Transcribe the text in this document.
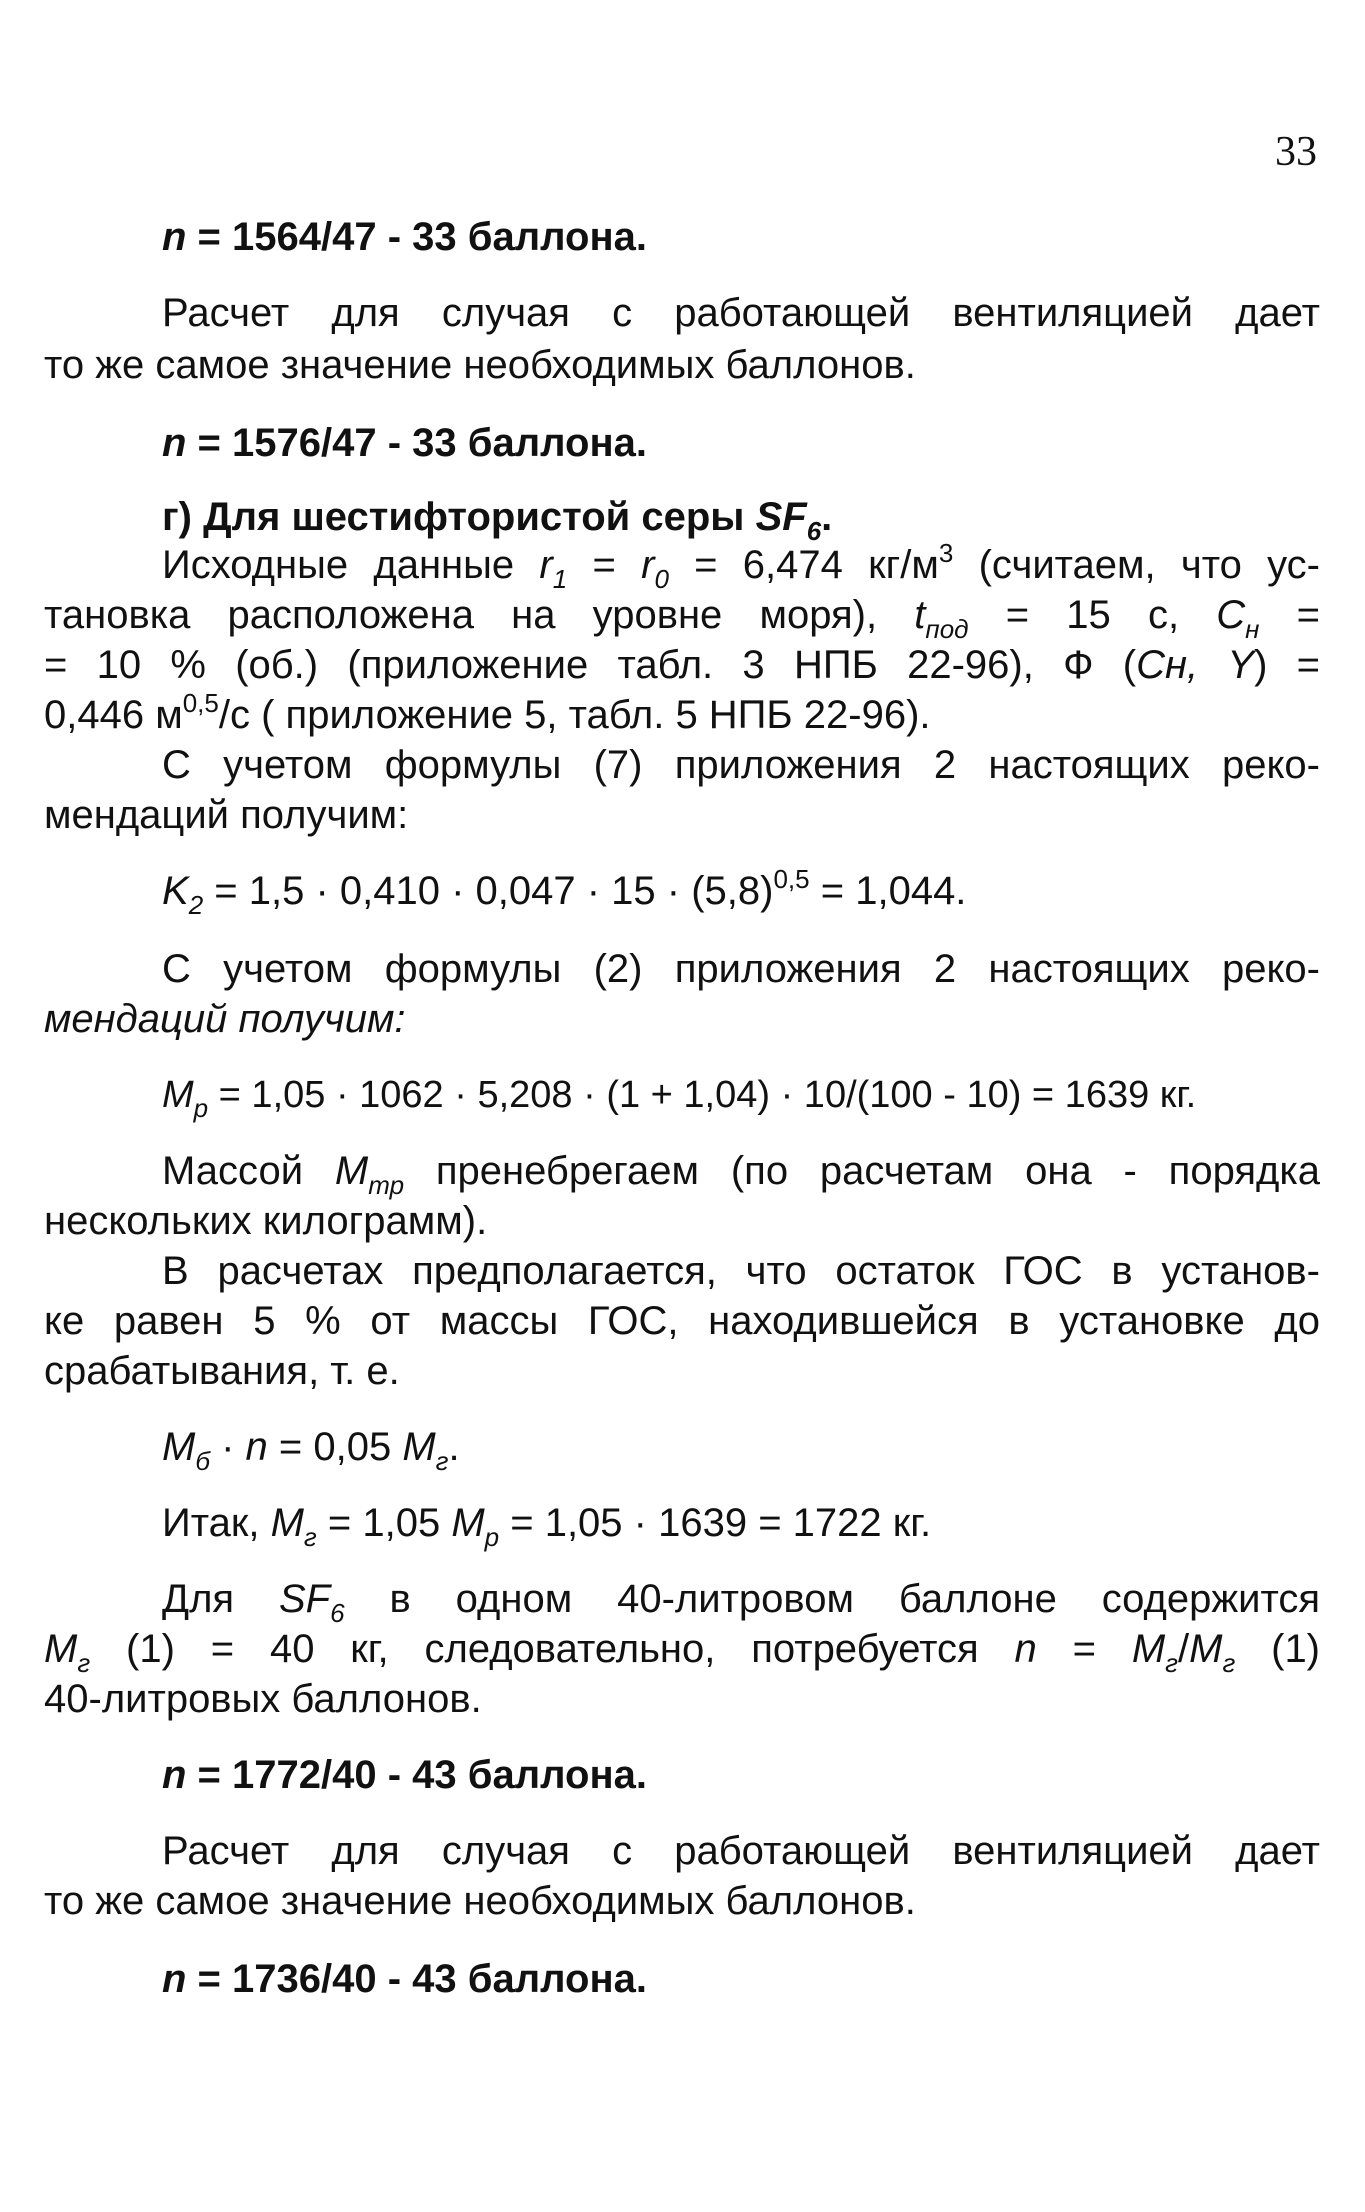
33
n = 1564/47 - 33 баллона.
Расчет для случая с работающей вентиляцией дает
то же самое значение необходимых баллонов.
n = 1576/47 - 33 баллона.
г) Для шестифтористой серы $SF_6$.
Исходные данные $r_1 = r_0 = 6,474$ $кг/м^3$ (считаем, что ус-
тановка расположена на уровне моря), $t_{под} = 15$ с, $C_н$ =
= 10 % (об.) (приложение табл. 3 НПБ 22-96), Ф (Cн, Y) =
0,446 $м^{0,5}/с$ ( приложение 5, табл. 5 НПБ 22-96).
С учетом формулы (7) приложения 2 настоящих реко-
мендаций получим:
$K_2 = 1,5 \cdot 0,410 \cdot 0,047 \cdot 15 \cdot (5,8)^{0,5} = 1,044$.
С учетом формулы (2) приложения 2 настоящих реко-
мендаций получим:
$M_p = 1,05 \cdot 1062 \cdot 5,208 \cdot (1 + 1,04) \cdot 10/(100 - 10) = 1639$ кг.
Массой $M_{тр}$ пренебрегаем (по расчетам она - порядка
нескольких килограмм).
В расчетах предполагается, что остаток ГОС в установ-
ке равен 5 % от массы ГОС, находившейся в установке до
срабатывания, т. е.
$M_б \cdot n = 0,05$ $M_г$.
Итак, $M_г = 1,05$ $M_p = 1,05 \cdot 1639 = 1722$ кг.
Для $SF_6$ в одном 40-литровом баллоне содержится
$M_г$ (1) = 40 кг, следовательно, потребуется $n = M_г/M_г$ (1)
40-литровых баллонов.
n = 1772/40 - 43 баллона.
Расчет для случая с работающей вентиляцией дает
то же самое значение необходимых баллонов.
n = 1736/40 - 43 баллона.
